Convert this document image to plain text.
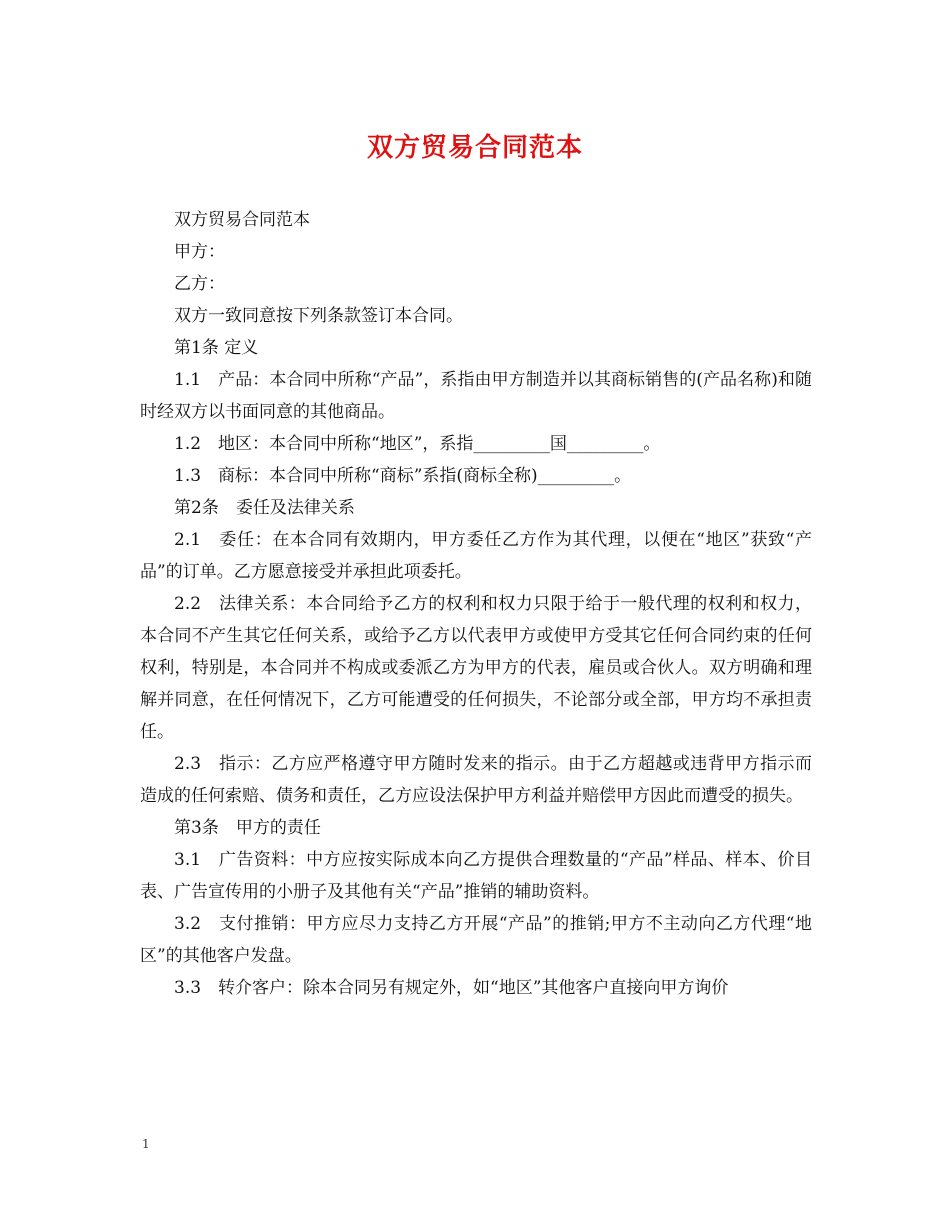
双方贸易合同范本

双方贸易合同范本

甲方：

乙方：

双方一致同意按下列条款签订本合同。

第1条 定义

1.1　产品：本合同中所称“产品”，系指由甲方制造并以其商标销售的(产品名称)和随时经双方以书面同意的其他商品。

1.2　地区：本合同中所称“地区”，系指_________国_________。

1.3　商标：本合同中所称“商标”系指(商标全称)_________。

第2条　委任及法律关系

2.1　委任：在本合同有效期内，甲方委任乙方作为其代理，以便在“地区”获致“产品”的订单。乙方愿意接受并承担此项委托。

2.2　法律关系：本合同给予乙方的权利和权力只限于给于一般代理的权利和权力，本合同不产生其它任何关系，或给予乙方以代表甲方或使甲方受其它任何合同约束的任何权利，特别是，本合同并不构成或委派乙方为甲方的代表，雇员或合伙人。双方明确和理解并同意，在任何情况下，乙方可能遭受的任何损失，不论部分或全部，甲方均不承担责任。

2.3　指示：乙方应严格遵守甲方随时发来的指示。由于乙方超越或违背甲方指示而造成的任何索赔、债务和责任，乙方应设法保护甲方利益并赔偿甲方因此而遭受的损失。

第3条　甲方的责任

3.1　广告资料：中方应按实际成本向乙方提供合理数量的“产品”样品、样本、价目表、广告宣传用的小册子及其他有关“产品”推销的辅助资料。

3.2　支付推销：甲方应尽力支持乙方开展“产品”的推销;甲方不主动向乙方代理“地区”的其他客户发盘。

3.3　转介客户：除本合同另有规定外，如“地区”其他客户直接向甲方询价

1
